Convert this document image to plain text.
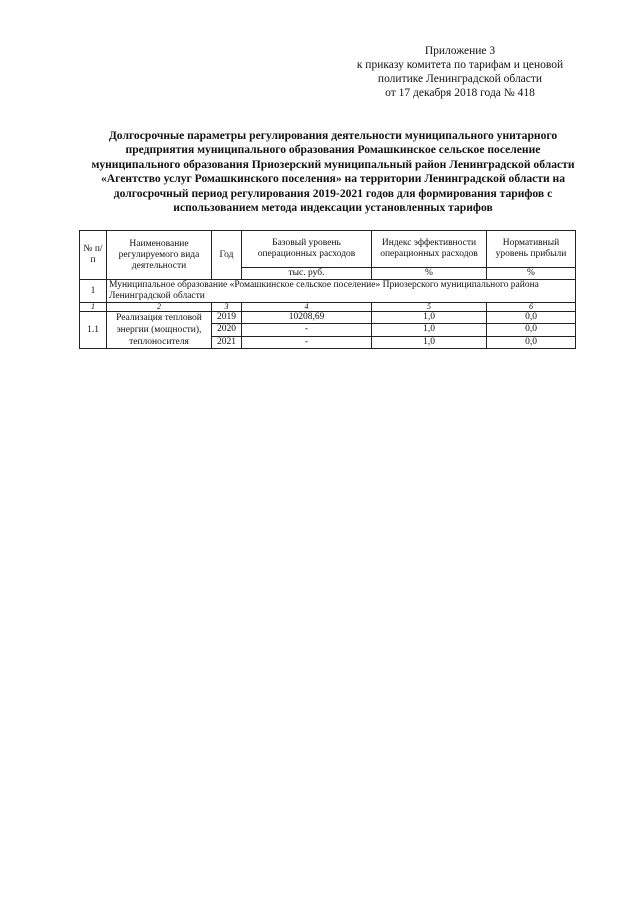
Приложение 3
к приказу комитета по тарифам и ценовой
политике Ленинградской области
от 17 декабря 2018 года № 418
Долгосрочные параметры регулирования деятельности муниципального унитарного
предприятия муниципального образования Ромашкинское сельское поселение
муниципального образования Приозерский муниципальный район Ленинградской области
«Агентство услуг Ромашкинского поселения» на территории Ленинградской области на
долгосрочный период регулирования 2019-2021 годов для формирования тарифов с
использованием метода индексации установленных тарифов
№ п/п	Наименование регулируемого вида деятельности	Год	Базовый уровень операционных расходов	Индекс эффективности операционных расходов	Нормативный уровень прибыли
			тыс. руб.	%	%
1	Муниципальное образование «Ромашкинское сельское поселение» Приозерского муниципального района Ленинградской области				
1	2	3	4	5	6
1.1	Реализация тепловой энергии (мощности), теплоносителя	2019	10208,69	1,0	0,0
		2020	-	1,0	0,0
		2021	-	1,0	0,0
